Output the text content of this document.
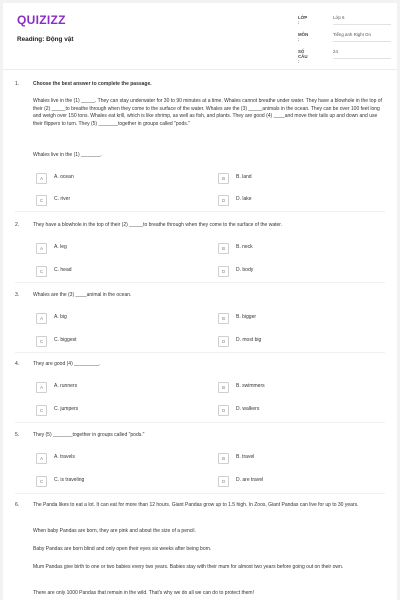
QUIZIZZ
Reading: Động vật
LỚP :
Lớp 6
MÔN :
Tiếng anh Right On
SỐ CÂU :
24
1.	Choose the best answer to complete the passage.
Whales live in the (1) _____. They can stay underwater for 30 to 90 minutes at a time. Whales cannot breathe under water. They have a blowhole in the top of their (2) _____to breathe through when they come to the surface of the water. Whales are the (3) _____animals in the ocean. They can be over 100 feet long and weigh over 150 tons. Whales eat krill, which is like shrimp, as well as fish, and plants. They are good (4) ____and move their tails up and down and use their flippers to turn. They (5) _______together in groups called "pods."
Whales live in the (1) _______.
A	A. ocean	B	B. land
C	C. river	D	D. lake
2.	They have a blowhole in the top of their (2) _____to breathe through when they come to the surface of the water.
A	A. leg	B	B. neck
C	C. head	D	D. body
3.	Whales are the (3) ____animal in the ocean.
A	A. big	B	B. bigger
C	C. biggest	D	D. most big
4.	They are good (4) _________.
A	A. runners	B	B. swimmers
C	C. jumpers	D	D. walkers
5.	They (5) _______together in groups called "pods."
A	A. travels	B	B. travel
C	C. is traveling	D	D. are travel
6.	The Panda likes to eat a lot. It can eat for more than 12 hours. Giant Pandas grow up to 1.5 high. In Zoos, Giant Pandas can live for up to 30 years.
When baby Pandas are born, they are pink and about the size of a pencil.
Baby Pandas are born blind and only open their eyes six weeks after being born.
Mum Pandas give birth to one or two babies every two years. Babies stay with their mum for almost two years before going out on their own.
There are only 1000 Pandas that remain in the wild. That's why we do all we can do to protect them!
